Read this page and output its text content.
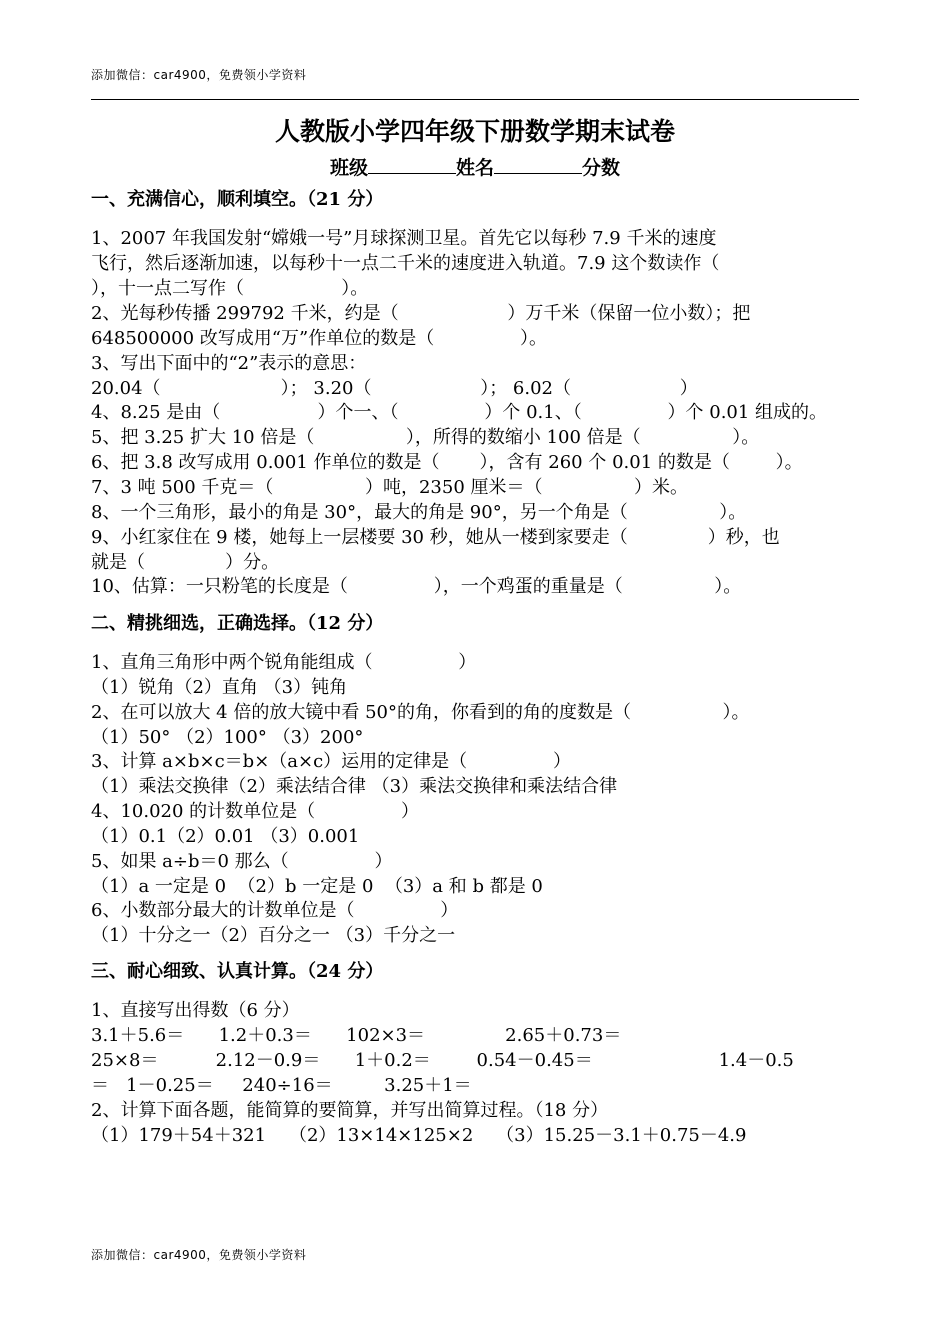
添加微信：car4900，免费领小学资料
人教版小学四年级下册数学期末试卷
班级	姓名	分数
一、充满信心，顺利填空。（21 分）
1、2007 年我国发射“嫦娥一号”月球探测卫星。首先它以每秒 7.9 千米的速度
飞行，然后逐渐加速，以每秒十一点二千米的速度进入轨道。7.9 这个数读作（
），十一点二写作（                 ）。
2、光每秒传播 299792 千米，约是（                   ）万千米（保留一位小数）；把
648500000 改写成用“万”作单位的数是（               ）。
3、写出下面中的“2”表示的意思：
20.04（                     ）； 3.20（                   ）； 6.02（                   ）
4、8.25 是由（                 ）个一、（               ）个 0.1、（               ）个 0.01 组成的。
5、把 3.25 扩大 10 倍是（                ），所得的数缩小 100 倍是（                ）。
6、把 3.8 改写成用 0.001 作单位的数是（       ），含有 260 个 0.01 的数是（        ）。
7、3 吨 500 千克＝（                ）吨，2350 厘米＝（                ）米。
8、一个三角形，最小的角是 30°，最大的角是 90°，另一个角是（                ）。
9、小红家住在 9 楼，她每上一层楼要 30 秒，她从一楼到家要走（              ）秒，也
就是（              ）分。
10、估算：一只粉笔的长度是（               ），一个鸡蛋的重量是（                ）。
二、精挑细选，正确选择。（12 分）
1、直角三角形中两个锐角能组成（               ）
（1）锐角（2）直角 （3）钝角
2、在可以放大 4 倍的放大镜中看 50°的角，你看到的角的度数是（                ）。
（1）50° （2）100° （3）200°
3、计算 a×b×c＝b×（a×c）运用的定律是（               ）
（1）乘法交换律（2）乘法结合律 （3）乘法交换律和乘法结合律
4、10.020 的计数单位是（               ）
（1）0.1（2）0.01 （3）0.001
5、如果 a÷b＝0 那么（               ）
（1）a 一定是 0  （2）b 一定是 0  （3）a 和 b 都是 0
6、小数部分最大的计数单位是（               ）
（1）十分之一（2）百分之一 （3）千分之一
三、耐心细致、认真计算。（24 分）
1、直接写出得数（6 分）
3.1＋5.6＝      1.2＋0.3＝      102×3＝              2.65＋0.73＝
25×8＝          2.12－0.9＝      1＋0.2＝        0.54－0.45＝                      1.4－0.5
＝   1－0.25＝     240÷16＝         3.25＋1＝
2、计算下面各题，能简算的要简算，并写出简算过程。（18 分）
（1）179＋54＋321    （2）13×14×125×2    （3）15.25－3.1＋0.75－4.9
添加微信：car4900，免费领小学资料
